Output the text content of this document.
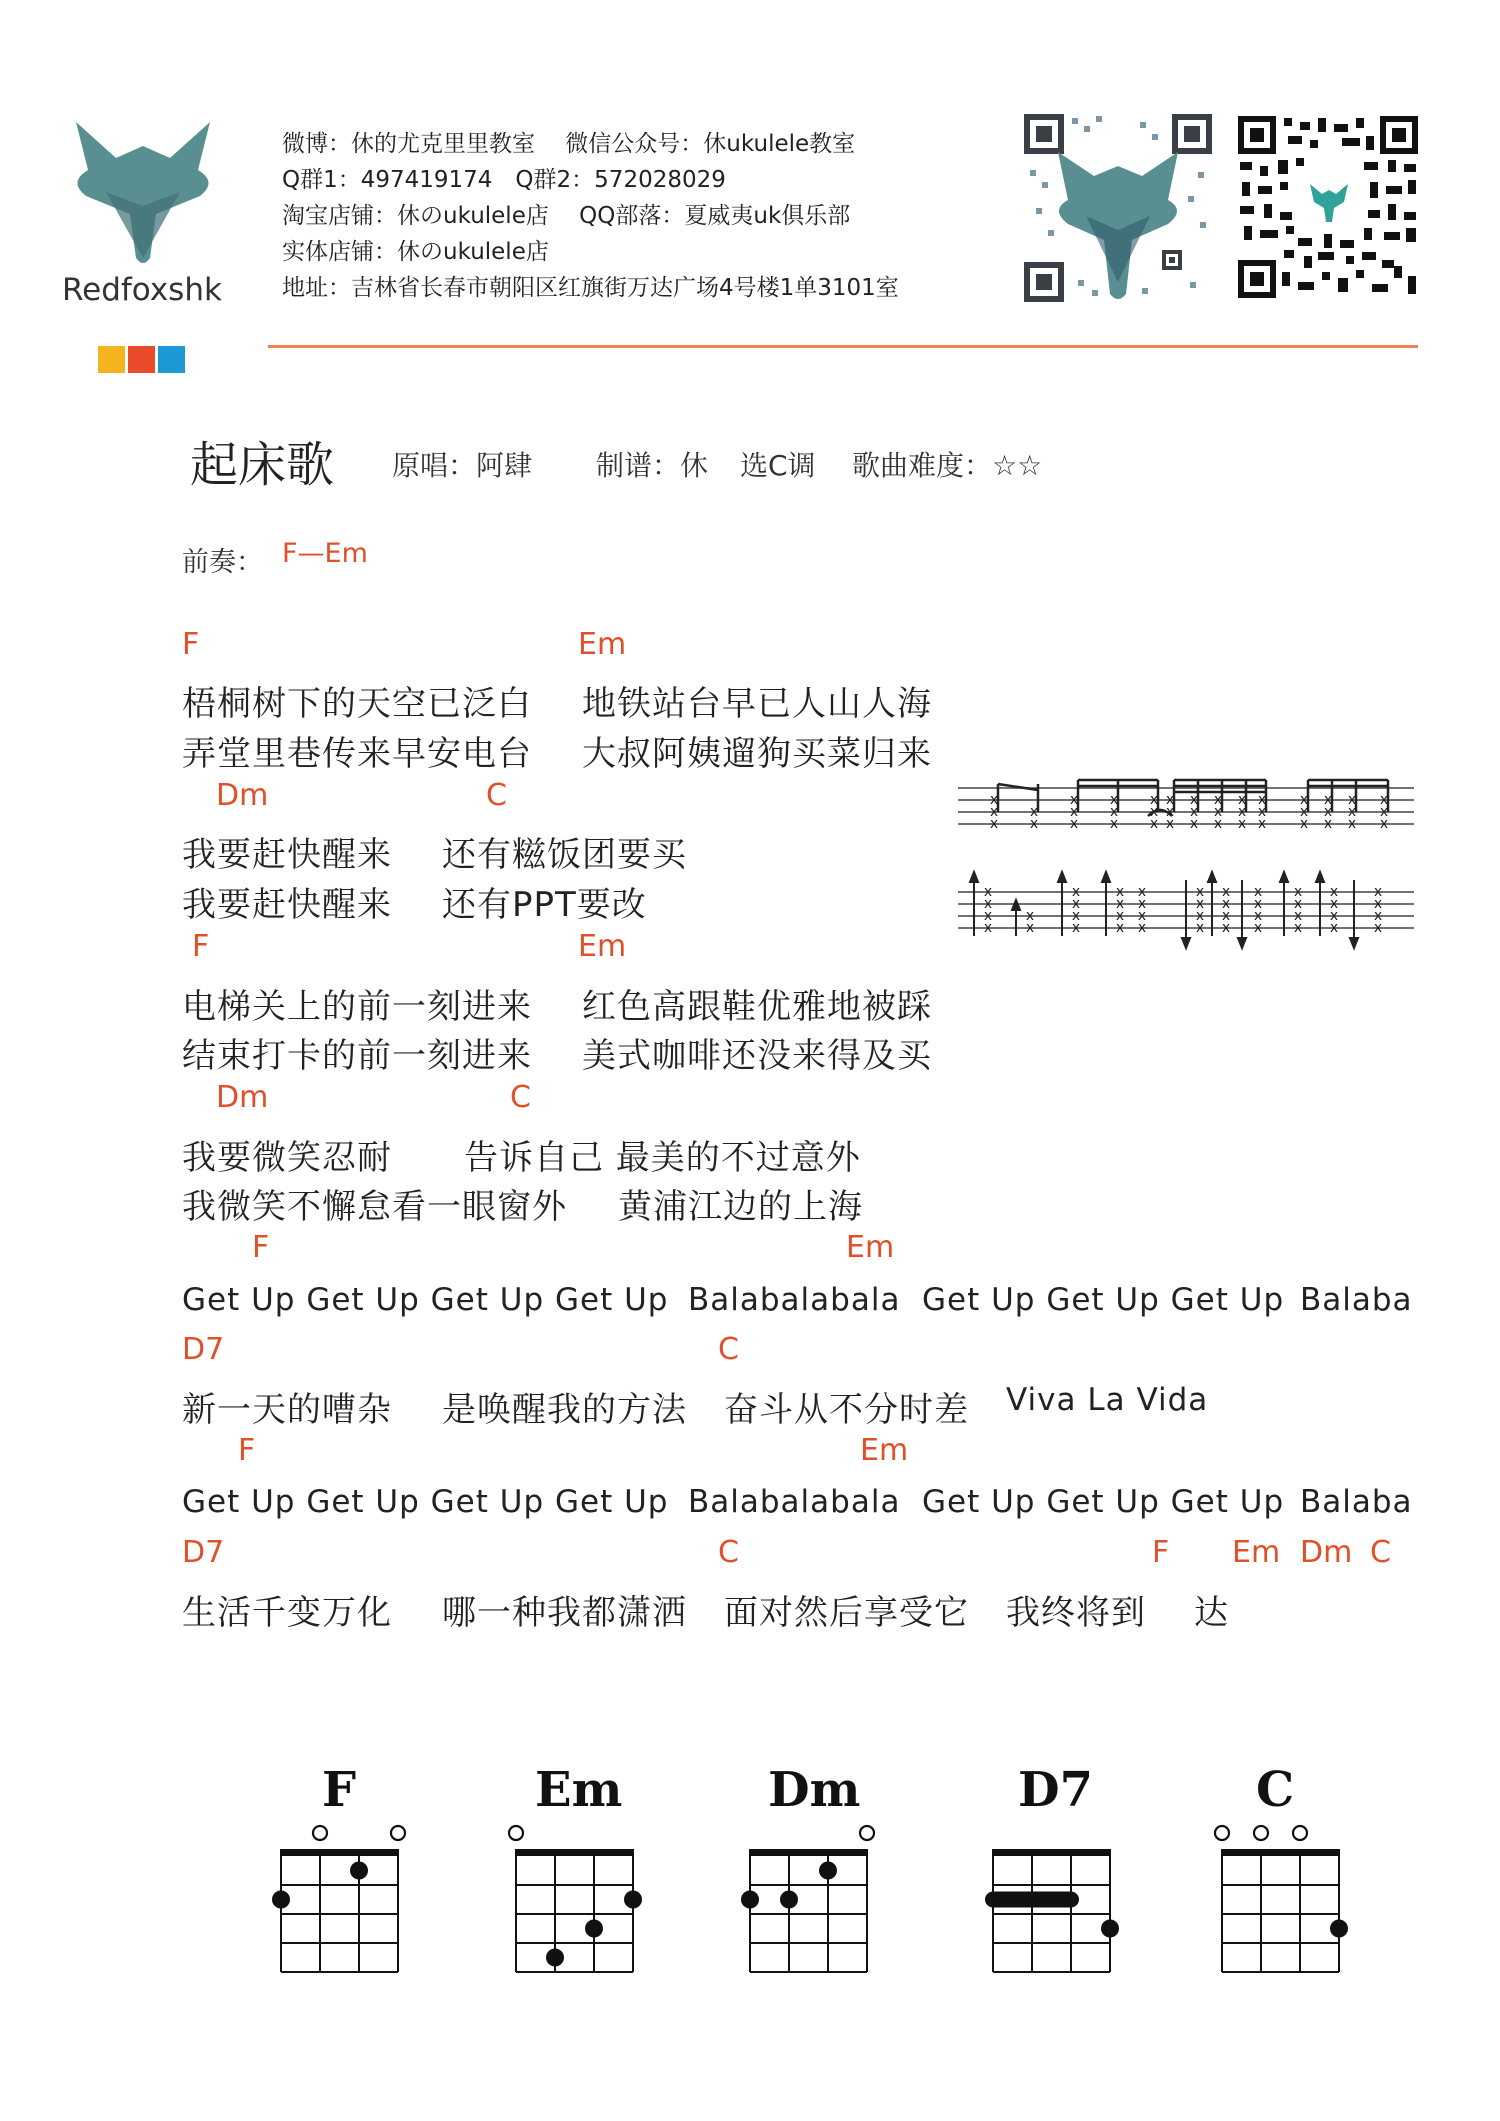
Redfoxshk
微博：休的尤克里里教室　 微信公众号：休ukulele教室
Q群1：497419174　Q群2：572028029
淘宝店铺：休のukulele店　 QQ部落：夏威夷uk俱乐部
实体店铺：休のukulele店
地址：吉林省长春市朝阳区红旗街万达广场4号楼1单3101室
起床歌 原唱：阿肆 制谱：休 选C调 歌曲难度：☆☆
前奏： F—Em
F	Em
梧桐树下的天空已泛白 地铁站台早已人山人海
弄堂里巷传来早安电台 大叔阿姨遛狗买菜归来
Dm	C
我要赶快醒来 还有糍饭团要买
我要赶快醒来 还有PPT要改
F	Em
电梯关上的前一刻进来 红色高跟鞋优雅地被踩
结束打卡的前一刻进来 美式咖啡还没来得及买
Dm	C
我要微笑忍耐 告诉自己 最美的不过意外
我微笑不懈怠看一眼窗外 黄浦江边的上海
F	Em
Get Up Get Up Get Up Get Up Balabalabala Get Up Get Up Get Up Balaba
D7	C
新一天的嘈杂 是唤醒我的方法 奋斗从不分时差 Viva La Vida
F	Em
Get Up Get Up Get Up Get Up Balabalabala Get Up Get Up Get Up Balaba
D7	C	F Em Dm C
生活千变万化 哪一种我都潇洒 面对然后享受它 我终将到 达
x
x
x
x
x
x
x
x
x
x
x
x
x
x
x
x
x
x
x
x
x
x
x
x
x
x
x
x
x
x
x
x
x
x
x
x
x
x
x
x
x
x
x
x
x
x
x
x
x
x
x
x
x
x
x
x
x
x
x
x
x
x
x
x
x
x
x
x
x
x
x
x
x
x
x
x
x
x
x
x
x
x
x
F	Em	Dm	D7	C
